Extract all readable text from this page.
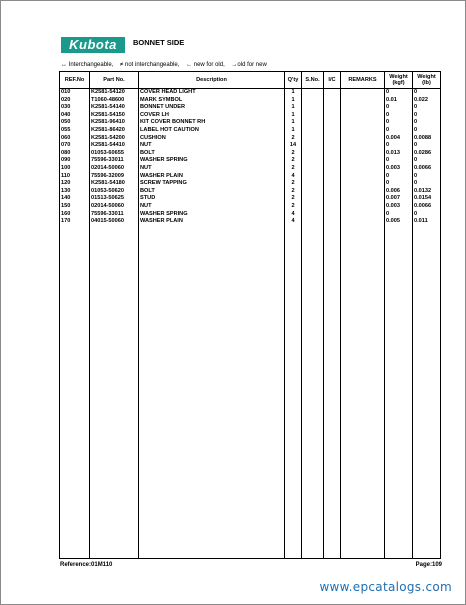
Kubota	BONNET SIDE
↔ Interchangeable, ≠ not interchangeable, ← new for old, →old for new
REF.No	Part No.	Description	Q'ty	S.No.	I/C	REMARKS	Weight (kgf)	Weight (lb)
010	K2581-54120	COVER HEAD LIGHT	1				0	0
020	T1060-48600	MARK SYMBOL	1				0.01	0.022
030	K2581-54140	BONNET UNDER	1				0	0
040	K2581-54150	COVER LH	1				0	0
050	K2581-96410	KIT COVER BONNET RH	1				0	0
055	K2581-86420	LABEL HOT CAUTION	1				0	0
060	K2581-54200	CUSHION	2				0.004	0.0088
070	K2581-54410	NUT	14				0	0
080	01053-60655	BOLT	2				0.013	0.0286
090	75596-33011	WASHER SPRING	2				0	0
100	02014-50060	NUT	2				0.003	0.0066
110	75596-32009	WASHER PLAIN	4				0	0
120	K2581-54180	SCREW TAPPING	2				0	0
130	01053-50620	BOLT	2				0.006	0.0132
140	01513-50625	STUD	2				0.007	0.0154
150	02014-50060	NUT	2				0.003	0.0066
160	75596-33011	WASHER SPRING	4				0	0
170	04015-50060	WASHER PLAIN	4				0.005	0.011

Reference:01M110	Page:109
www.epcatalogs.com
